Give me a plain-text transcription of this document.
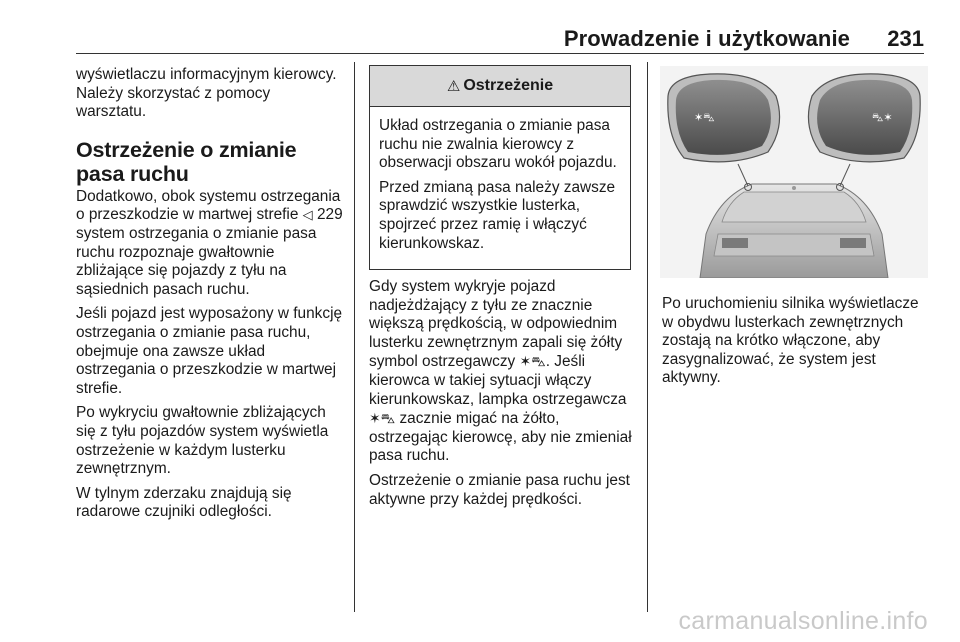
Prowadzenie i użytkowanie 231

wyświetlaczu informacyjnym kierowcy. Należy skorzystać z pomocy warsztatu.

Ostrzeżenie o zmianie pasa ruchu

Dodatkowo, obok systemu ostrzegania o przeszkodzie w martwej strefie ◁ 229 system ostrzegania o zmianie pasa ruchu rozpoznaje gwałtownie zbliżające się pojazdy z tyłu na sąsiednich pasach ruchu.

Jeśli pojazd jest wyposażony w funkcję ostrzegania o zmianie pasa ruchu, obejmuje ona zawsze układ ostrzegania o przeszkodzie w martwej strefie.

Po wykryciu gwałtownie zbliżających się z tyłu pojazdów system wyświetla ostrzeżenie w każdym lusterku zewnętrznym.

W tylnym zderzaku znajdują się radarowe czujniki odległości.

⚠ Ostrzeżenie

Układ ostrzegania o zmianie pasa ruchu nie zwalnia kierowcy z obserwacji obszaru wokół pojazdu.

Przed zmianą pasa należy zawsze sprawdzić wszystkie lusterka, spojrzeć przez ramię i włączyć kierunkowskaz.

Gdy system wykryje pojazd nadjeżdżający z tyłu ze znacznie większą prędkością, w odpowiednim lusterku zewnętrznym zapali się żółty symbol ostrzegawczy ✶⛍. Jeśli kierowca w takiej sytuacji włączy kierunkowskaz, lampka ostrzegawcza ✶⛍ zacznie migać na żółto, ostrzegając kierowcę, aby nie zmieniał pasa ruchu.

Ostrzeżenie o zmianie pasa ruchu jest aktywne przy każdej prędkości.

✶⛍	⛍✶

Po uruchomieniu silnika wyświetlacze w obydwu lusterkach zewnętrznych zostają na krótko włączone, aby zasygnalizować, że system jest aktywny.

carmanualsonline.info
